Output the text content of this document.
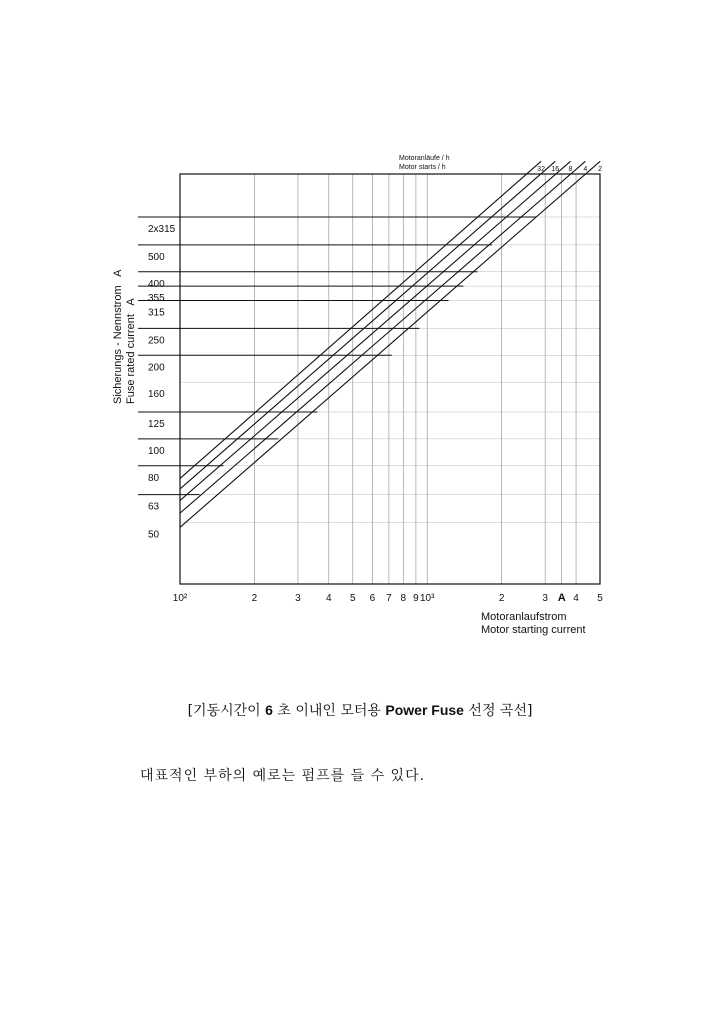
2x315
500
400
355
315
250
200
160
125
100
80
63
50
10²	2	3	4 5 6 7 8 9 10³	2	3 A 4 5
32 16 8 4 2
Motoranläufe / h
Motor starts / h
Sicherungs - Nennstrom   A Fuse rated current   A
Motoranlaufstrom
Motor starting current
[기동시간이 6 초 이내인 모터용 Power Fuse 선정 곡선]
대표적인 부하의 예로는 펌프를 들 수 있다.
